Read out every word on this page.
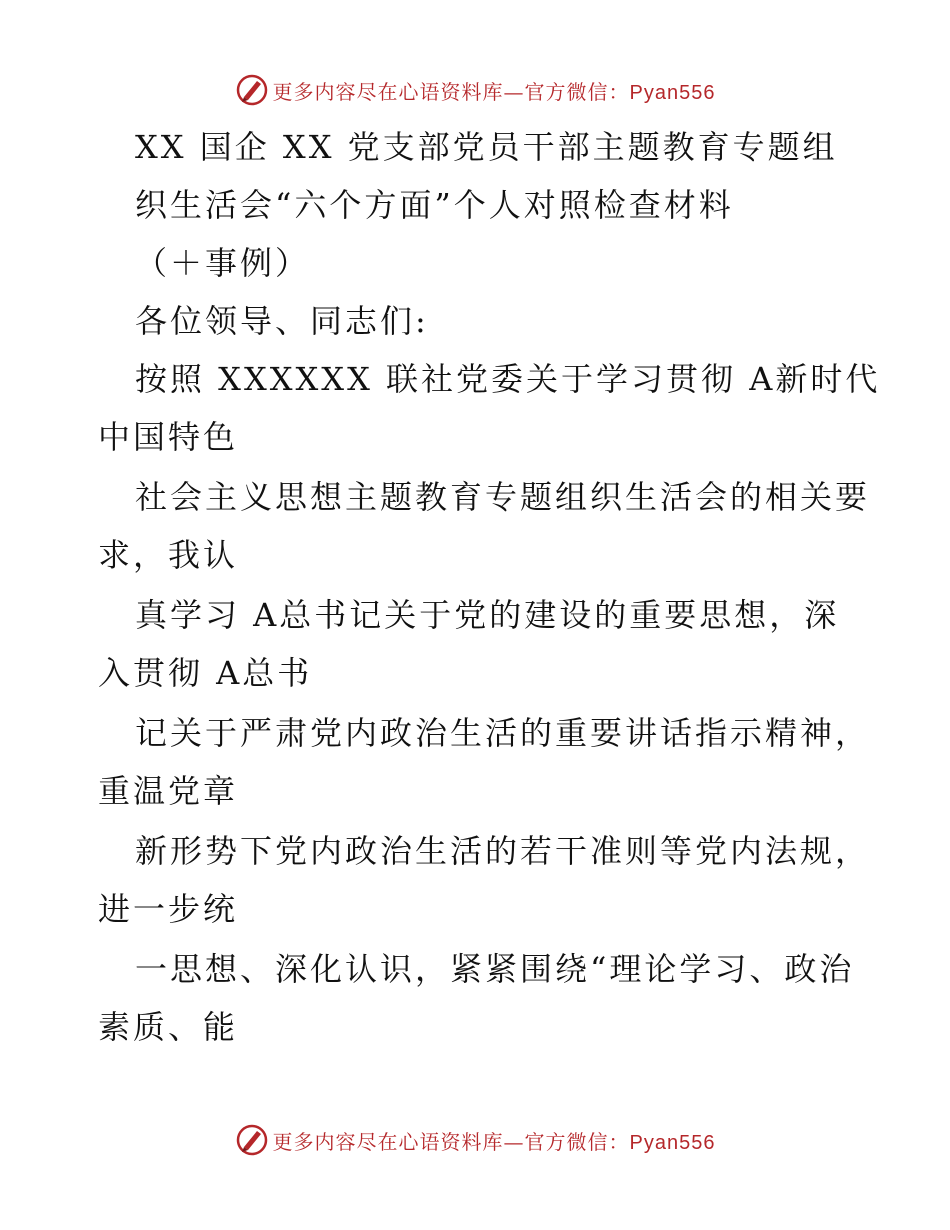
更多内容尽在心语资料库—官方微信：Pyan556
XX 国企 XX 党支部党员干部主题教育专题组
织生活会“六个方面”个人对照检查材料
（＋事例）
各位领导、同志们:
按照 XXXXXX 联社党委关于学习贯彻 A新时代
中国特色
社会主义思想主题教育专题组织生活会的相关要
求，我认
真学习 A总书记关于党的建设的重要思想，深
入贯彻 A总书
记关于严肃党内政治生活的重要讲话指示精神，
重温党章
新形势下党内政治生活的若干准则等党内法规，
进一步统
一思想、深化认识，紧紧围绕“理论学习、政治
素质、能
更多内容尽在心语资料库—官方微信：Pyan556
